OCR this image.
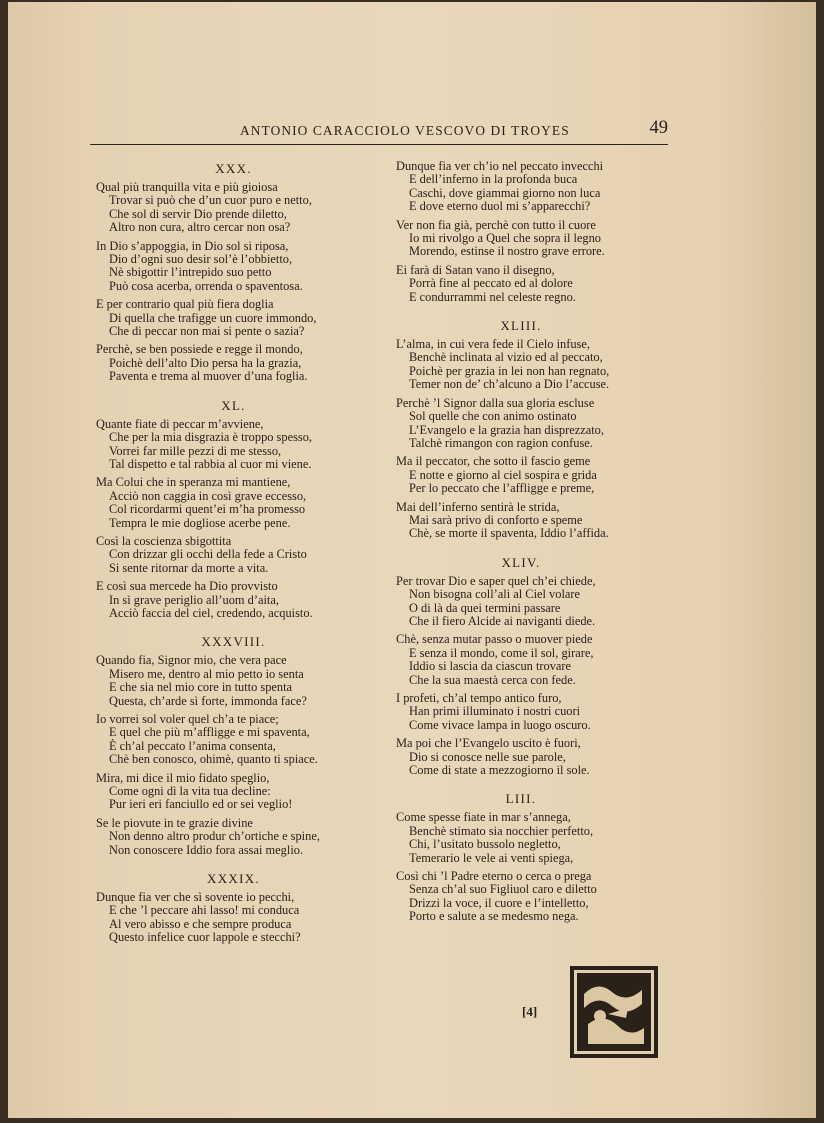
ANTONIO CARACCIOLO VESCOVO DI TROYES	49
XXX.
Qual più tranquilla vita e più gioiosa
Trovar si può che d’un cuor puro e netto,
Che sol di servir Dio prende diletto,
Altro non cura, altro cercar non osa?
In Dio s’appoggia, in Dio sol si riposa,
Dio d’ogni suo desir sol’è l’obbietto,
Nè sbigottir l’intrepido suo petto
Può cosa acerba, orrenda o spaventosa.
E per contrario qual più fiera doglia
Di quella che trafigge un cuore immondo,
Che di peccar non mai si pente o sazia?
Perchè, se ben possiede e regge il mondo,
Poichè dell’alto Dio persa ha la grazia,
Paventa e trema al muover d’una foglia.
XL.
Quante fiate di peccar m’avviene,
Che per la mia disgrazia è troppo spesso,
Vorrei far mille pezzi di me stesso,
Tal dispetto e tal rabbia al cuor mi viene.
Ma Colui che in speranza mi mantiene,
Acciò non caggia in così grave eccesso,
Col ricordarmi quent’ei m’ha promesso
Tempra le mie dogliose acerbe pene.
Così la coscienza sbigottita
Con drizzar gli occhi della fede a Cristo
Si sente ritornar da morte a vita.
E così sua mercede ha Dio provvisto
In sì grave periglio all’uom d’aita,
Acciò faccia del ciel, credendo, acquisto.
XXXVIII.
Quando fia, Signor mio, che vera pace
Misero me, dentro al mio petto io senta
E che sia nel mio core in tutto spenta
Questa, ch’arde sì forte, immonda face?
Io vorrei sol voler quel ch’a te piace;
E quel che più m’affligge e mi spaventa,
È ch’al peccato l’anima consenta,
Chè ben conosco, ohimè, quanto ti spiace.
Mira, mi dice il mio fidato speglio,
Come ogni dì la vita tua decline:
Pur ieri eri fanciullo ed or sei veglio!
Se le piovute in te grazie divine
Non denno altro produr ch’ortiche e spine,
Non conoscere Iddio fora assai meglio.
XXXIX.
Dunque fia ver che sì sovente io pecchi,
E che ’l peccare ahi lasso! mi conduca
Al vero abisso e che sempre produca
Questo infelice cuor lappole e stecchi?
Dunque fia ver ch’io nel peccato invecchi
E dell’inferno in la profonda buca
Caschi, dove giammai giorno non luca
E dove eterno duol mi s’apparecchi?
Ver non fia già, perchè con tutto il cuore
Io mi rivolgo a Quel che sopra il legno
Morendo, estinse il nostro grave errore.
Ei farà di Satan vano il disegno,
Porrà fine al peccato ed al dolore
E condurrammi nel celeste regno.
XLIII.
L’alma, in cui vera fede il Cielo infuse,
Benchè inclinata al vizio ed al peccato,
Poichè per grazia in lei non han regnato,
Temer non de’ ch’alcuno a Dio l’accuse.
Perchè ’l Signor dalla sua gloria escluse
Sol quelle che con animo ostinato
L’Evangelo e la grazia han disprezzato,
Talchè rimangon con ragion confuse.
Ma il peccator, che sotto il fascio geme
E notte e giorno al ciel sospira e grida
Per lo peccato che l’affligge e preme,
Mai dell’inferno sentirà le strida,
Mai sarà privo di conforto e speme
Chè, se morte il spaventa, Iddio l’affida.
XLIV.
Per trovar Dio e saper quel ch’ei chiede,
Non bisogna coll’ali al Ciel volare
O di là da quei termini passare
Che il fiero Alcide ai naviganti diede.
Chè, senza mutar passo o muover piede
E senza il mondo, come il sol, girare,
Iddio si lascia da ciascun trovare
Che la sua maestà cerca con fede.
I profeti, ch’al tempo antico furo,
Han primi illuminato i nostri cuori
Come vivace lampa in luogo oscuro.
Ma poi che l’Evangelo uscito è fuori,
Dio si conosce nelle sue parole,
Come di state a mezzogiorno il sole.
LIII.
Come spesse fiate in mar s’annega,
Benchè stimato sia nocchier perfetto,
Chi, l’usitato bussolo negletto,
Temerario le vele ai venti spiega,
Così chi ’l Padre eterno o cerca o prega
Senza ch’al suo Figliuol caro e diletto
Drizzi la voce, il cuore e l’intelletto,
Porto e salute a se medesmo nega.
[4]
